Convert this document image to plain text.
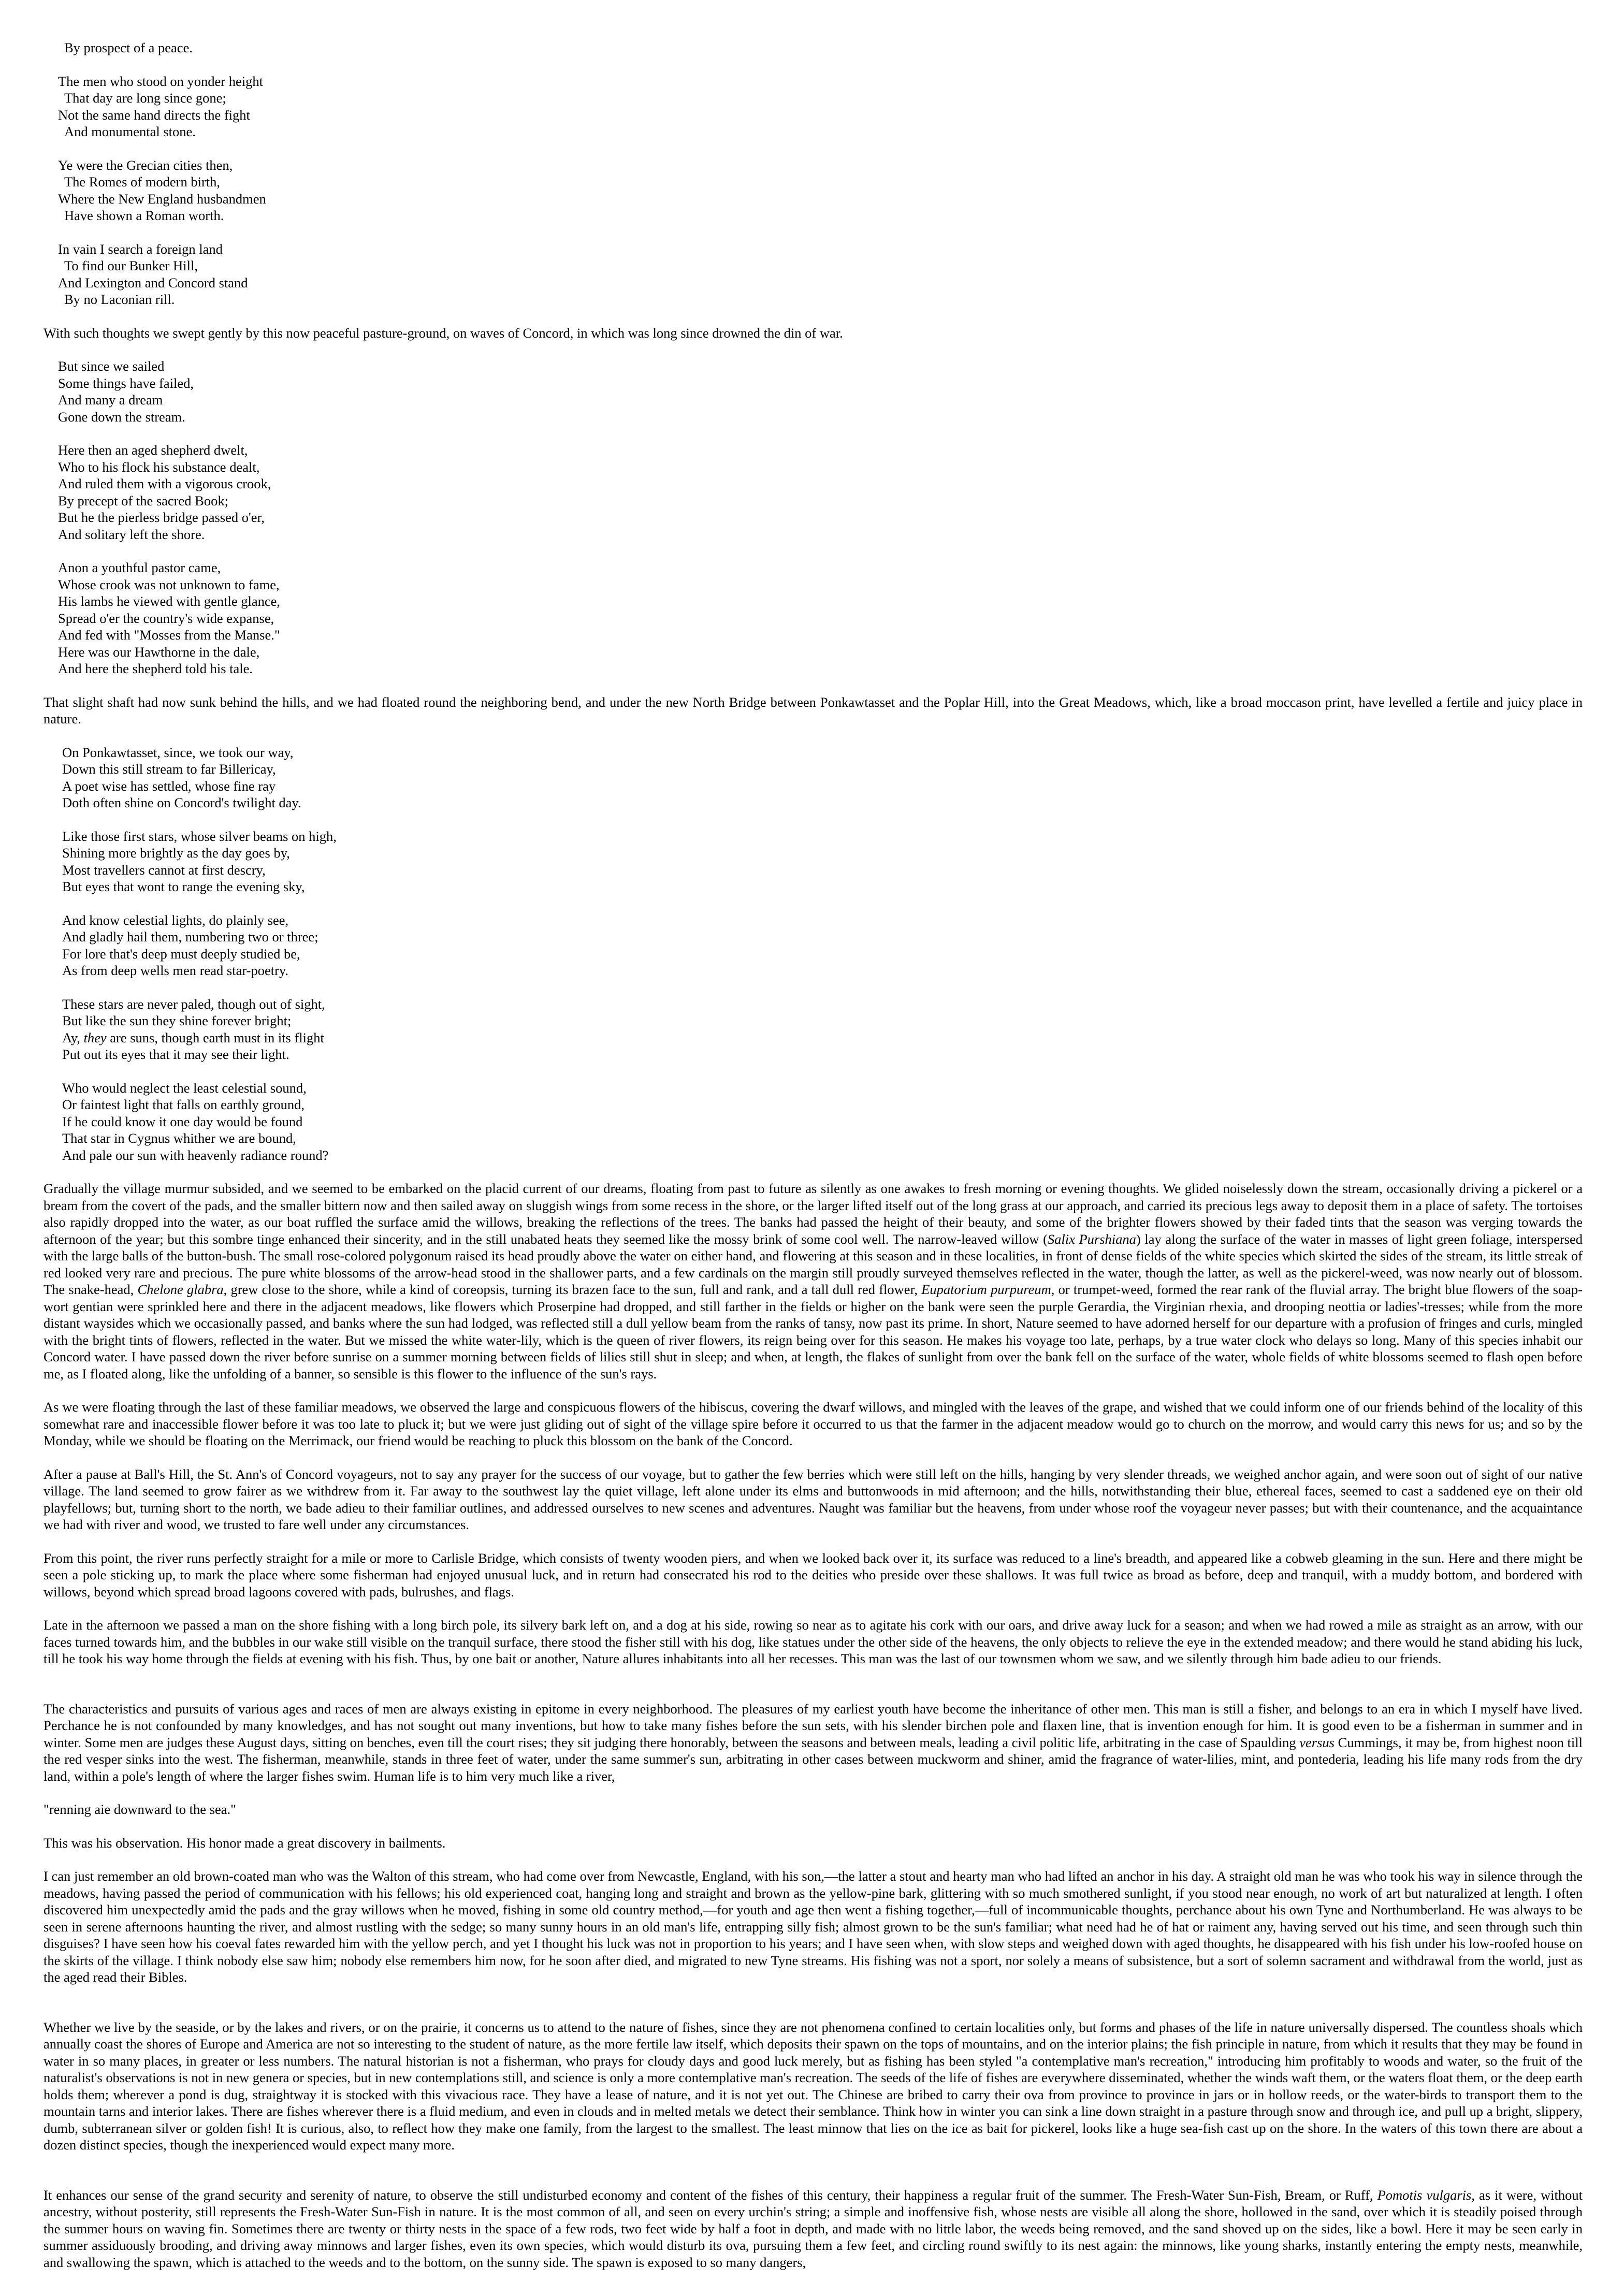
By prospect of a peace.
The men who stood on yonder height
That day are long since gone;
Not the same hand directs the fight
And monumental stone.
Ye were the Grecian cities then,
The Romes of modern birth,
Where the New England husbandmen
Have shown a Roman worth.
In vain I search a foreign land
To find our Bunker Hill,
And Lexington and Concord stand
By no Laconian rill.

With such thoughts we swept gently by this now peaceful pasture-ground, on waves of Concord, in which was long since drowned the din of war.

But since we sailed
Some things have failed,
And many a dream
Gone down the stream.
Here then an aged shepherd dwelt,
Who to his flock his substance dealt,
And ruled them with a vigorous crook,
By precept of the sacred Book;
But he the pierless bridge passed o'er,
And solitary left the shore.
Anon a youthful pastor came,
Whose crook was not unknown to fame,
His lambs he viewed with gentle glance,
Spread o'er the country's wide expanse,
And fed with "Mosses from the Manse."
Here was our Hawthorne in the dale,
And here the shepherd told his tale.

That slight shaft had now sunk behind the hills, and we had floated round the neighboring bend, and under the new North Bridge between Ponkawtasset and the Poplar Hill, into the Great Meadows, which, like a broad moccason print, have levelled a fertile and juicy place in nature.

On Ponkawtasset, since, we took our way,
Down this still stream to far Billericay,
A poet wise has settled, whose fine ray
Doth often shine on Concord's twilight day.
Like those first stars, whose silver beams on high,
Shining more brightly as the day goes by,
Most travellers cannot at first descry,
But eyes that wont to range the evening sky,
And know celestial lights, do plainly see,
And gladly hail them, numbering two or three;
For lore that's deep must deeply studied be,
As from deep wells men read star-poetry.
These stars are never paled, though out of sight,
But like the sun they shine forever bright;
Ay, they are suns, though earth must in its flight
Put out its eyes that it may see their light.
Who would neglect the least celestial sound,
Or faintest light that falls on earthly ground,
If he could know it one day would be found
That star in Cygnus whither we are bound,
And pale our sun with heavenly radiance round?

Gradually the village murmur subsided, and we seemed to be embarked on the placid current of our dreams, floating from past to future as silently as one awakes to fresh morning or evening thoughts. We glided noiselessly down the stream, occasionally driving a pickerel or a bream from the covert of the pads, and the smaller bittern now and then sailed away on sluggish wings from some recess in the shore, or the larger lifted itself out of the long grass at our approach, and carried its precious legs away to deposit them in a place of safety. The tortoises also rapidly dropped into the water, as our boat ruffled the surface amid the willows, breaking the reflections of the trees. The banks had passed the height of their beauty, and some of the brighter flowers showed by their faded tints that the season was verging towards the afternoon of the year; but this sombre tinge enhanced their sincerity, and in the still unabated heats they seemed like the mossy brink of some cool well. The narrow-leaved willow (Salix Purshiana) lay along the surface of the water in masses of light green foliage, interspersed with the large balls of the button-bush. The small rose-colored polygonum raised its head proudly above the water on either hand, and flowering at this season and in these localities, in front of dense fields of the white species which skirted the sides of the stream, its little streak of red looked very rare and precious. The pure white blossoms of the arrow-head stood in the shallower parts, and a few cardinals on the margin still proudly surveyed themselves reflected in the water, though the latter, as well as the pickerel-weed, was now nearly out of blossom. The snake-head, Chelone glabra, grew close to the shore, while a kind of coreopsis, turning its brazen face to the sun, full and rank, and a tall dull red flower, Eupatorium purpureum, or trumpet-weed, formed the rear rank of the fluvial array. The bright blue flowers of the soap-wort gentian were sprinkled here and there in the adjacent meadows, like flowers which Proserpine had dropped, and still farther in the fields or higher on the bank were seen the purple Gerardia, the Virginian rhexia, and drooping neottia or ladies'-tresses; while from the more distant waysides which we occasionally passed, and banks where the sun had lodged, was reflected still a dull yellow beam from the ranks of tansy, now past its prime. In short, Nature seemed to have adorned herself for our departure with a profusion of fringes and curls, mingled with the bright tints of flowers, reflected in the water. But we missed the white water-lily, which is the queen of river flowers, its reign being over for this season. He makes his voyage too late, perhaps, by a true water clock who delays so long. Many of this species inhabit our Concord water. I have passed down the river before sunrise on a summer morning between fields of lilies still shut in sleep; and when, at length, the flakes of sunlight from over the bank fell on the surface of the water, whole fields of white blossoms seemed to flash open before me, as I floated along, like the unfolding of a banner, so sensible is this flower to the influence of the sun's rays.

As we were floating through the last of these familiar meadows, we observed the large and conspicuous flowers of the hibiscus, covering the dwarf willows, and mingled with the leaves of the grape, and wished that we could inform one of our friends behind of the locality of this somewhat rare and inaccessible flower before it was too late to pluck it; but we were just gliding out of sight of the village spire before it occurred to us that the farmer in the adjacent meadow would go to church on the morrow, and would carry this news for us; and so by the Monday, while we should be floating on the Merrimack, our friend would be reaching to pluck this blossom on the bank of the Concord.

After a pause at Ball's Hill, the St. Ann's of Concord voyageurs, not to say any prayer for the success of our voyage, but to gather the few berries which were still left on the hills, hanging by very slender threads, we weighed anchor again, and were soon out of sight of our native village. The land seemed to grow fairer as we withdrew from it. Far away to the southwest lay the quiet village, left alone under its elms and buttonwoods in mid afternoon; and the hills, notwithstanding their blue, ethereal faces, seemed to cast a saddened eye on their old playfellows; but, turning short to the north, we bade adieu to their familiar outlines, and addressed ourselves to new scenes and adventures. Naught was familiar but the heavens, from under whose roof the voyageur never passes; but with their countenance, and the acquaintance we had with river and wood, we trusted to fare well under any circumstances.

From this point, the river runs perfectly straight for a mile or more to Carlisle Bridge, which consists of twenty wooden piers, and when we looked back over it, its surface was reduced to a line's breadth, and appeared like a cobweb gleaming in the sun. Here and there might be seen a pole sticking up, to mark the place where some fisherman had enjoyed unusual luck, and in return had consecrated his rod to the deities who preside over these shallows. It was full twice as broad as before, deep and tranquil, with a muddy bottom, and bordered with willows, beyond which spread broad lagoons covered with pads, bulrushes, and flags.

Late in the afternoon we passed a man on the shore fishing with a long birch pole, its silvery bark left on, and a dog at his side, rowing so near as to agitate his cork with our oars, and drive away luck for a season; and when we had rowed a mile as straight as an arrow, with our faces turned towards him, and the bubbles in our wake still visible on the tranquil surface, there stood the fisher still with his dog, like statues under the other side of the heavens, the only objects to relieve the eye in the extended meadow; and there would he stand abiding his luck, till he took his way home through the fields at evening with his fish. Thus, by one bait or another, Nature allures inhabitants into all her recesses. This man was the last of our townsmen whom we saw, and we silently through him bade adieu to our friends.

The characteristics and pursuits of various ages and races of men are always existing in epitome in every neighborhood. The pleasures of my earliest youth have become the inheritance of other men. This man is still a fisher, and belongs to an era in which I myself have lived. Perchance he is not confounded by many knowledges, and has not sought out many inventions, but how to take many fishes before the sun sets, with his slender birchen pole and flaxen line, that is invention enough for him. It is good even to be a fisherman in summer and in winter. Some men are judges these August days, sitting on benches, even till the court rises; they sit judging there honorably, between the seasons and between meals, leading a civil politic life, arbitrating in the case of Spaulding versus Cummings, it may be, from highest noon till the red vesper sinks into the west. The fisherman, meanwhile, stands in three feet of water, under the same summer's sun, arbitrating in other cases between muckworm and shiner, amid the fragrance of water-lilies, mint, and pontederia, leading his life many rods from the dry land, within a pole's length of where the larger fishes swim. Human life is to him very much like a river,

"renning aie downward to the sea."

This was his observation. His honor made a great discovery in bailments.

I can just remember an old brown-coated man who was the Walton of this stream, who had come over from Newcastle, England, with his son,—the latter a stout and hearty man who had lifted an anchor in his day. A straight old man he was who took his way in silence through the meadows, having passed the period of communication with his fellows; his old experienced coat, hanging long and straight and brown as the yellow-pine bark, glittering with so much smothered sunlight, if you stood near enough, no work of art but naturalized at length. I often discovered him unexpectedly amid the pads and the gray willows when he moved, fishing in some old country method,—for youth and age then went a fishing together,—full of incommunicable thoughts, perchance about his own Tyne and Northumberland. He was always to be seen in serene afternoons haunting the river, and almost rustling with the sedge; so many sunny hours in an old man's life, entrapping silly fish; almost grown to be the sun's familiar; what need had he of hat or raiment any, having served out his time, and seen through such thin disguises? I have seen how his coeval fates rewarded him with the yellow perch, and yet I thought his luck was not in proportion to his years; and I have seen when, with slow steps and weighed down with aged thoughts, he disappeared with his fish under his low-roofed house on the skirts of the village. I think nobody else saw him; nobody else remembers him now, for he soon after died, and migrated to new Tyne streams. His fishing was not a sport, nor solely a means of subsistence, but a sort of solemn sacrament and withdrawal from the world, just as the aged read their Bibles.

Whether we live by the seaside, or by the lakes and rivers, or on the prairie, it concerns us to attend to the nature of fishes, since they are not phenomena confined to certain localities only, but forms and phases of the life in nature universally dispersed. The countless shoals which annually coast the shores of Europe and America are not so interesting to the student of nature, as the more fertile law itself, which deposits their spawn on the tops of mountains, and on the interior plains; the fish principle in nature, from which it results that they may be found in water in so many places, in greater or less numbers. The natural historian is not a fisherman, who prays for cloudy days and good luck merely, but as fishing has been styled "a contemplative man's recreation," introducing him profitably to woods and water, so the fruit of the naturalist's observations is not in new genera or species, but in new contemplations still, and science is only a more contemplative man's recreation. The seeds of the life of fishes are everywhere disseminated, whether the winds waft them, or the waters float them, or the deep earth holds them; wherever a pond is dug, straightway it is stocked with this vivacious race. They have a lease of nature, and it is not yet out. The Chinese are bribed to carry their ova from province to province in jars or in hollow reeds, or the water-birds to transport them to the mountain tarns and interior lakes. There are fishes wherever there is a fluid medium, and even in clouds and in melted metals we detect their semblance. Think how in winter you can sink a line down straight in a pasture through snow and through ice, and pull up a bright, slippery, dumb, subterranean silver or golden fish! It is curious, also, to reflect how they make one family, from the largest to the smallest. The least minnow that lies on the ice as bait for pickerel, looks like a huge sea-fish cast up on the shore. In the waters of this town there are about a dozen distinct species, though the inexperienced would expect many more.

It enhances our sense of the grand security and serenity of nature, to observe the still undisturbed economy and content of the fishes of this century, their happiness a regular fruit of the summer. The Fresh-Water Sun-Fish, Bream, or Ruff, Pomotis vulgaris, as it were, without ancestry, without posterity, still represents the Fresh-Water Sun-Fish in nature. It is the most common of all, and seen on every urchin's string; a simple and inoffensive fish, whose nests are visible all along the shore, hollowed in the sand, over which it is steadily poised through the summer hours on waving fin. Sometimes there are twenty or thirty nests in the space of a few rods, two feet wide by half a foot in depth, and made with no little labor, the weeds being removed, and the sand shoved up on the sides, like a bowl. Here it may be seen early in summer assiduously brooding, and driving away minnows and larger fishes, even its own species, which would disturb its ova, pursuing them a few feet, and circling round swiftly to its nest again: the minnows, like young sharks, instantly entering the empty nests, meanwhile, and swallowing the spawn, which is attached to the weeds and to the bottom, on the sunny side. The spawn is exposed to so many dangers,
